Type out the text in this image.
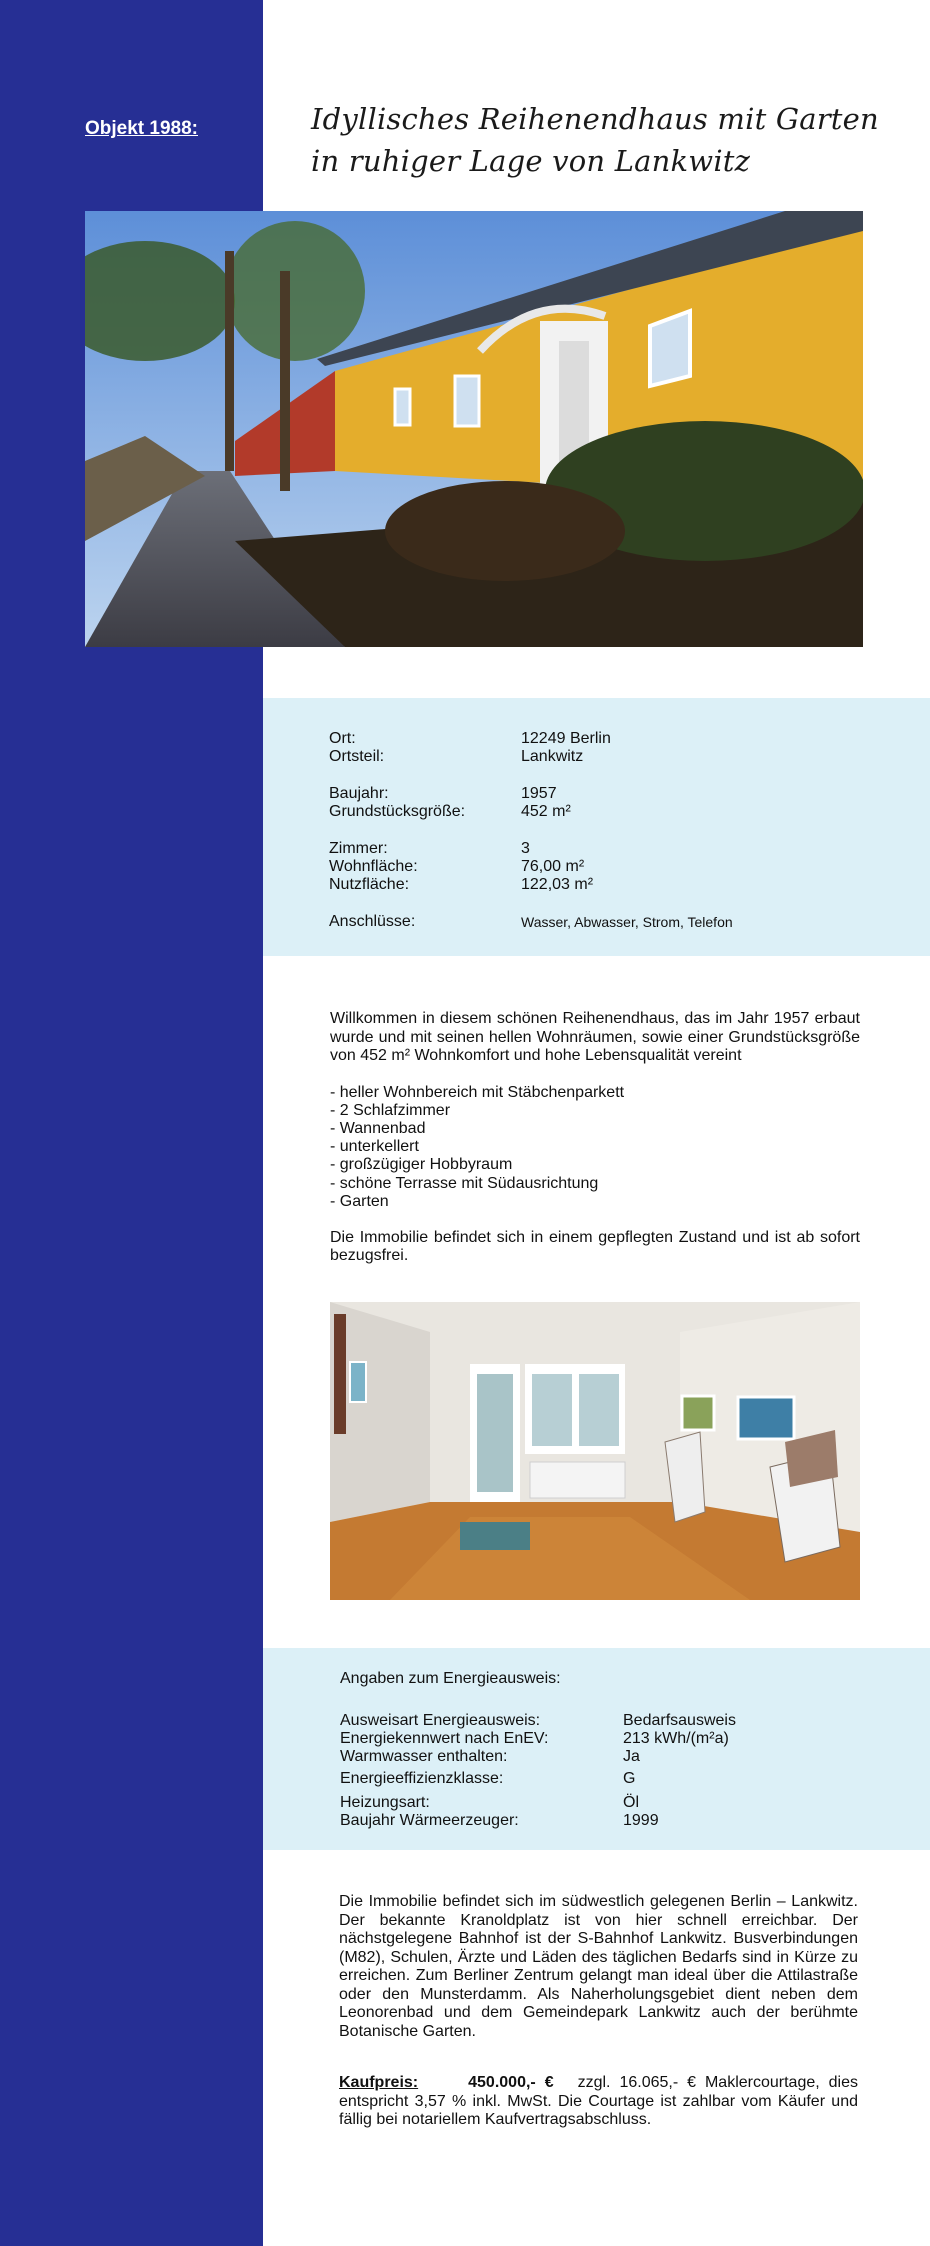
Objekt 1988:	Idyllisches Reihenendhaus mit Garten in ruhiger Lage von Lankwitz
Ort:	12249 Berlin
Ortsteil:	Lankwitz
Baujahr:	1957
Grundstücksgröße:	452 m²
Zimmer:	3
Wohnfläche:	76,00 m²
Nutzfläche:	122,03 m²
Anschlüsse:	Wasser, Abwasser, Strom, Telefon

Willkommen in diesem schönen Reihenendhaus, das im Jahr 1957 erbaut wurde und mit seinen hellen Wohnräumen, sowie einer Grundstücksgröße von 452 m² Wohnkomfort und hohe Lebensqualität vereint

- heller Wohnbereich mit Stäbchenparkett
- 2 Schlafzimmer
- Wannenbad
- unterkellert
- großzügiger Hobbyraum
- schöne Terrasse mit Südausrichtung
- Garten

Die Immobilie befindet sich in einem gepflegten Zustand und ist ab sofort bezugsfrei.

Angaben zum Energieausweis:
Ausweisart Energieausweis:	Bedarfsausweis
Energiekennwert nach EnEV:	213 kWh/(m²a)
Warmwasser enthalten:	Ja
Energieeffizienzklasse:	G
Heizungsart:	Öl
Baujahr Wärmeerzeuger:	1999
Die Immobilie befindet sich im südwestlich gelegenen Berlin – Lankwitz. Der bekannte Kranoldplatz ist von hier schnell erreichbar. Der nächstgelegene Bahnhof ist der S-Bahnhof Lankwitz. Busverbindungen (M82), Schulen, Ärzte und Läden des täglichen Bedarfs sind in Kürze zu erreichen. Zum Berliner Zentrum gelangt man ideal über die Attilastraße oder den Munsterdamm. Als Naherholungsgebiet dient neben dem Leonorenbad und dem Gemeindepark Lankwitz auch der berühmte Botanische Garten.
Kaufpreis:	450.000,- € zzgl. 16.065,- € Maklercourtage, dies entspricht 3,57 % inkl. MwSt. Die Courtage ist zahlbar vom Käufer und fällig bei notariellem Kaufvertragsabschluss.
